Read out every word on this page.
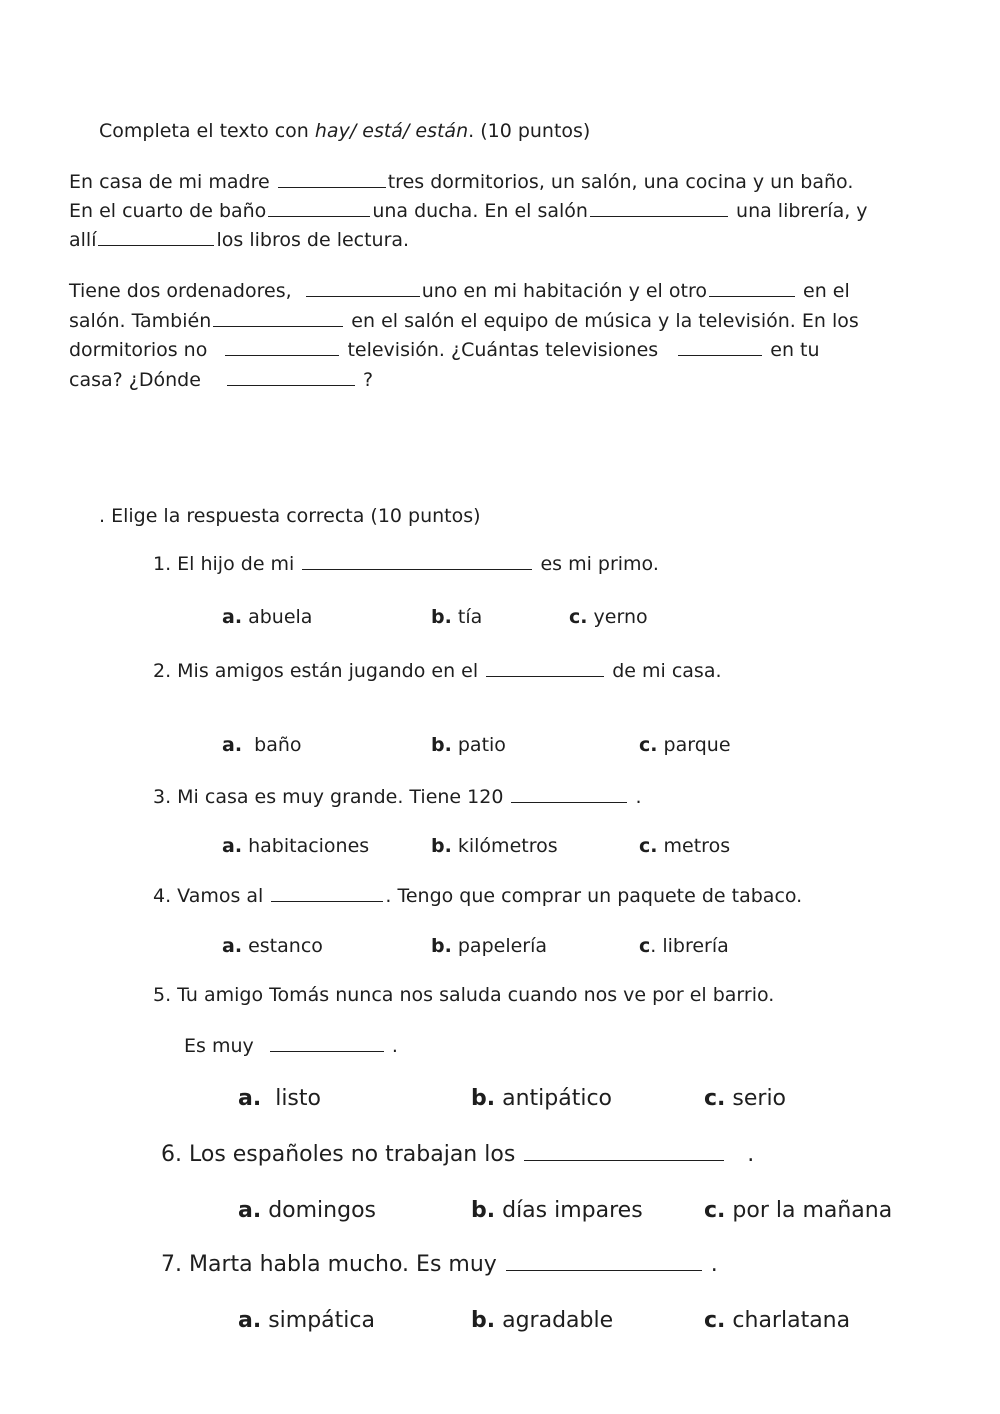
Completa el texto con hay/ está/ están. (10 puntos)
En casa de mi madre	tres dormitorios, un salón, una cocina y un baño.
En el cuarto de baño	una ducha. En el salón	una librería, y
allí	los libros de lectura.
Tiene dos ordenadores,	uno en mi habitación y el otro	en el
salón. También	en el salón el equipo de música y la televisión. En los
dormitorios no	televisión. ¿Cuántas televisiones	en tu
casa? ¿Dónde	?
. Elige la respuesta correcta (10 puntos)
1. El hijo de mi	es mi primo.
a. abuela	b. tía	c. yerno
2. Mis amigos están jugando en el	de mi casa.
a. baño	b. patio	c. parque
3. Mi casa es muy grande. Tiene 120	.
a. habitaciones	b. kilómetros	c. metros
4. Vamos al	. Tengo que comprar un paquete de tabaco.
a. estanco	b. papelería	c. librería
5. Tu amigo Tomás nunca nos saluda cuando nos ve por el barrio.
Es muy	.
a. listo	b. antipático	c. serio
6. Los españoles no trabajan los	.
a. domingos	b. días impares	c. por la mañana
7. Marta habla mucho. Es muy	.
a. simpática	b. agradable	c. charlatana
